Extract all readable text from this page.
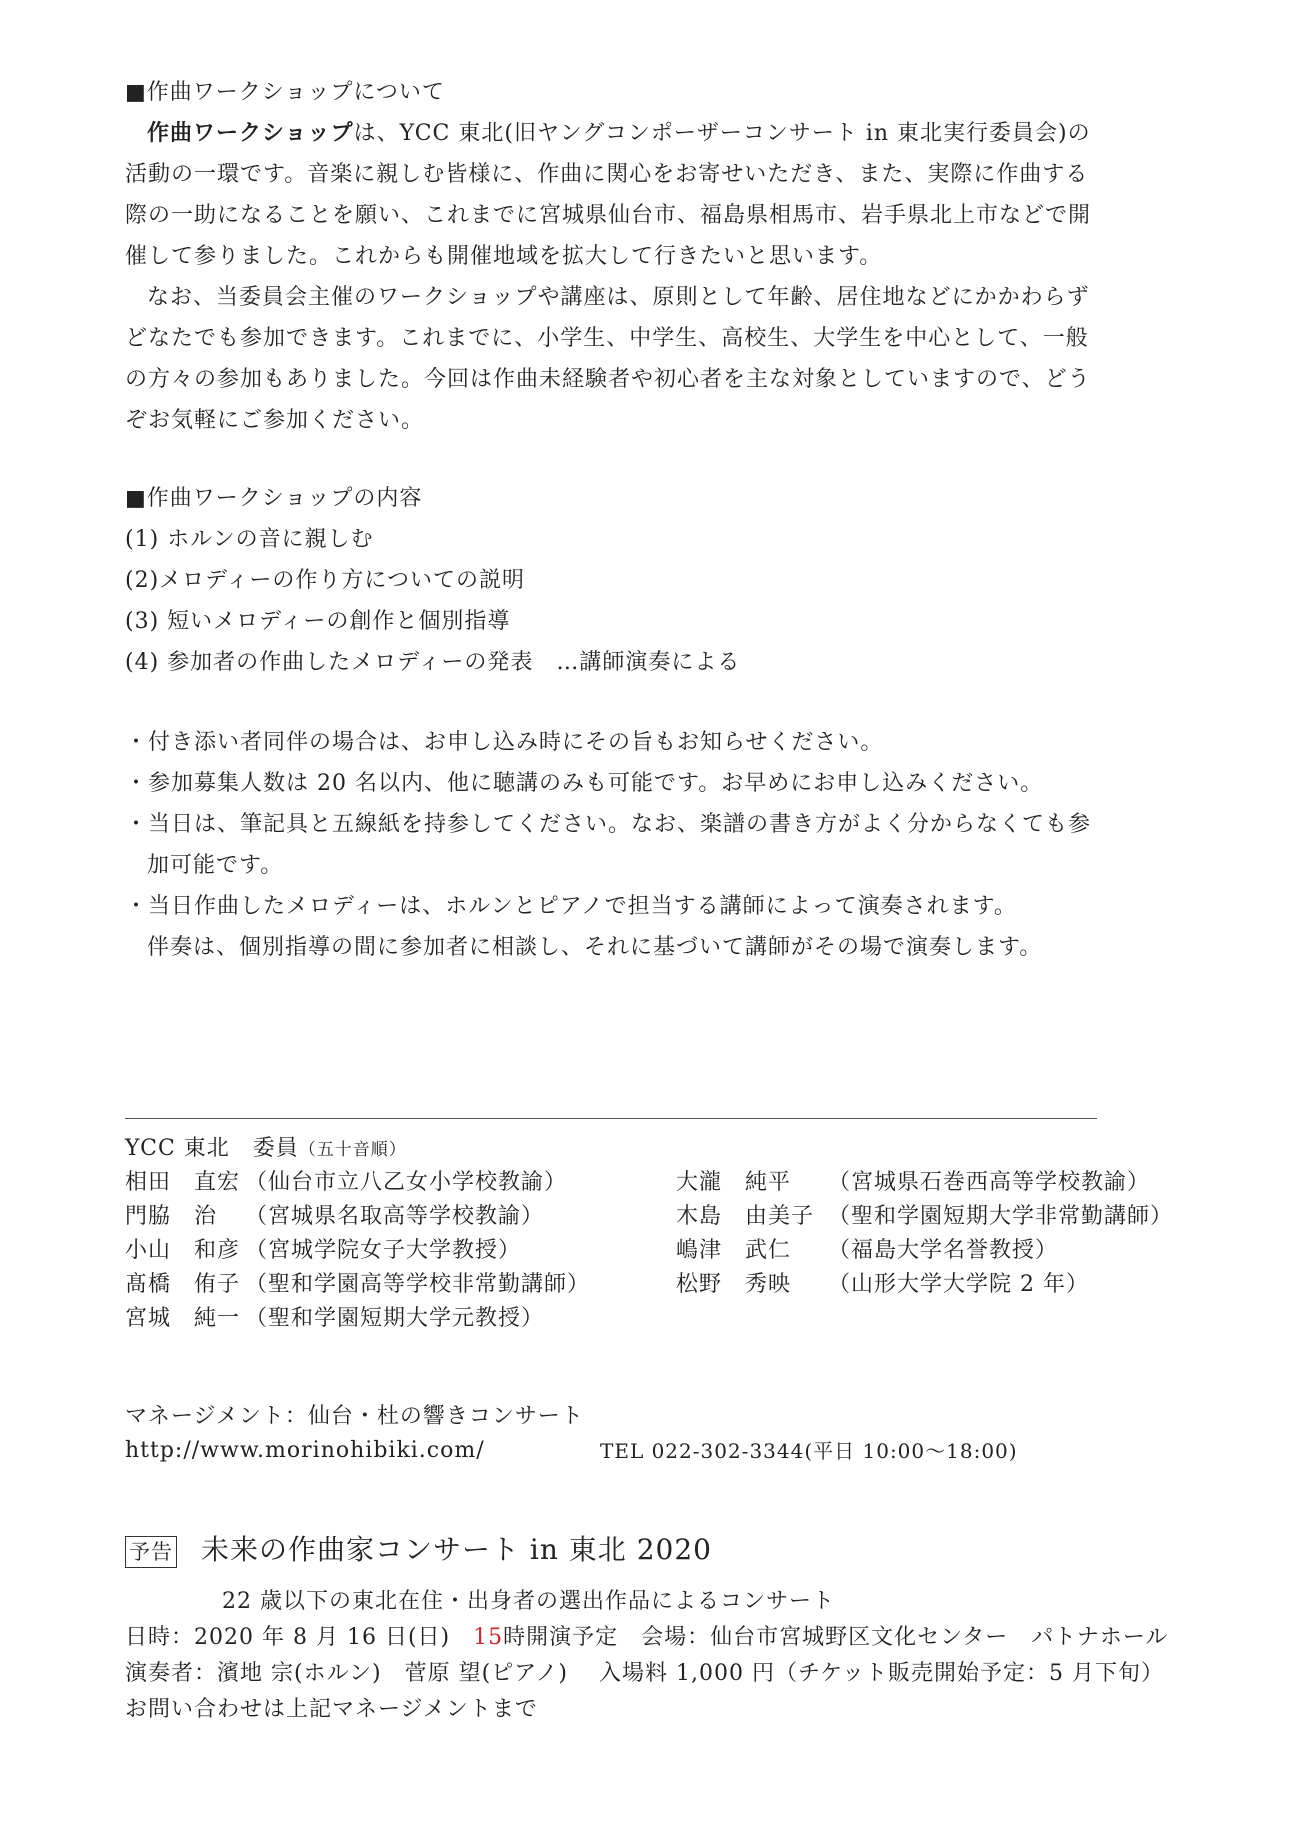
■作曲ワークショップについて
作曲ワークショップは、YCC 東北(旧ヤングコンポーザーコンサート in 東北実行委員会)の
活動の一環です。音楽に親しむ皆様に、作曲に関心をお寄せいただき、また、実際に作曲する
際の一助になることを願い、これまでに宮城県仙台市、福島県相馬市、岩手県北上市などで開
催して参りました。これからも開催地域を拡大して行きたいと思います。
なお、当委員会主催のワークショップや講座は、原則として年齢、居住地などにかかわらず
どなたでも参加できます。これまでに、小学生、中学生、高校生、大学生を中心として、一般
の方々の参加もありました。今回は作曲未経験者や初心者を主な対象としていますので、どう
ぞお気軽にご参加ください。
■作曲ワークショップの内容
(1) ホルンの音に親しむ
(2)メロディーの作り方についての説明
(3) 短いメロディーの創作と個別指導
(4) 参加者の作曲したメロディーの発表　…講師演奏による
・付き添い者同伴の場合は、お申し込み時にその旨もお知らせください。
・参加募集人数は 20 名以内、他に聴講のみも可能です。お早めにお申し込みください。
・当日は、筆記具と五線紙を持参してください。なお、楽譜の書き方がよく分からなくても参
加可能です。
・当日作曲したメロディーは、ホルンとピアノで担当する講師によって演奏されます。
伴奏は、個別指導の間に参加者に相談し、それに基づいて講師がその場で演奏します。
YCC 東北　委員（五十音順）
相田　直宏 （仙台市立八乙女小学校教諭）
門脇　治 （宮城県名取高等学校教諭）
小山　和彦 （宮城学院女子大学教授）
髙橋　侑子 （聖和学園高等学校非常勤講師）
宮城　純一 （聖和学園短期大学元教授）
大瀧　純平 （宮城県石巻西高等学校教諭）
木島　由美子 （聖和学園短期大学非常勤講師）
嶋津　武仁 （福島大学名誉教授）
松野　秀映 （山形大学大学院 2 年）
マネージメント：仙台・杜の響きコンサート
http://www.morinohibiki.com/	TEL 022-302-3344(平日 10:00～18:00)
予告 未来の作曲家コンサート in 東北 2020
22 歳以下の東北在住・出身者の選出作品によるコンサート
日時：2020 年 8 月 16 日(日)　 15時開演予定　会場：仙台市宮城野区文化センター　パトナホール
演奏者：濱地 宗(ホルン)　菅原 望(ピアノ)　 入場料 1,000 円（チケット販売開始予定：5 月下旬）
お問い合わせは上記マネージメントまで
